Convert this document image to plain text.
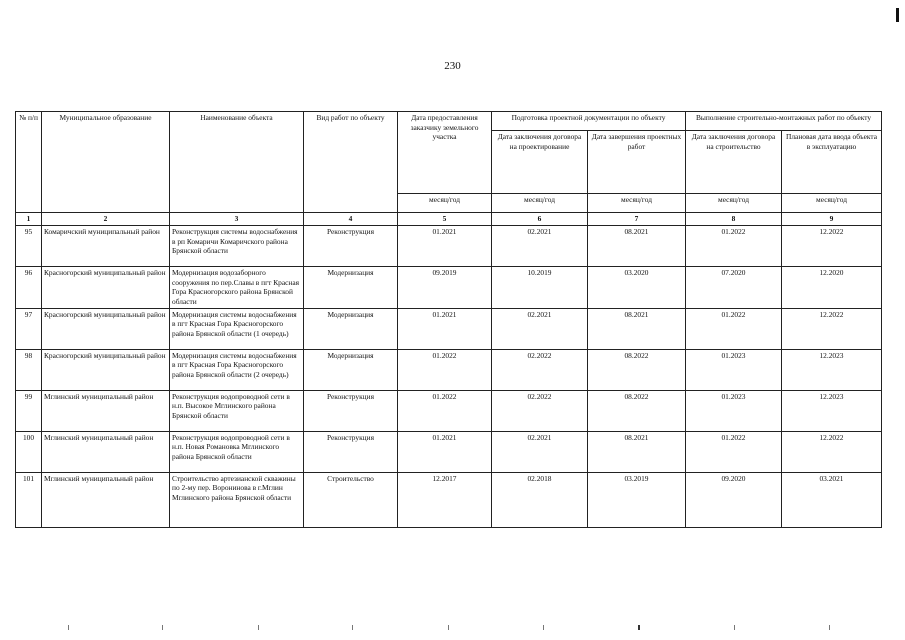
230
№ п/п	Муниципальное образование	Наименование объекта	Вид работ по объекту	Дата предоставления заказчику земельного участка	Подготовка проектной документации по объекту		Выполнение строительно-монтажных работ по объекту	
					Дата заключения договора на проектирование	Дата завершения проектных работ	Дата заключения договора на строительство	Плановая дата ввода объекта в эксплуатацию
				месяц/год	месяц/год	месяц/год	месяц/год	месяц/год
1	2	3	4	5	6	7	8	9
95	Комаричский муниципальный район	Реконструкция системы водоснабжения в рп Комаричи Комаричского района Брянской области	Реконструкция	01.2021	02.2021	08.2021	01.2022	12.2022
96	Красногорский муниципальный район	Модернизация водозаборного сооружения по пер.Славы в пгт Красная Гора Красногорского района Брянской области	Модернизация	09.2019	10.2019	03.2020	07.2020	12.2020
97	Красногорский муниципальный район	Модернизация системы водоснабжения в пгт Красная Гора Красногорского района Брянской области (1 очередь)	Модернизация	01.2021	02.2021	08.2021	01.2022	12.2022
98	Красногорский муниципальный район	Модернизация системы водоснабжения в пгт Красная Гора Красногорского района Брянской области (2 очередь)	Модернизация	01.2022	02.2022	08.2022	01.2023	12.2023
99	Мглинский муниципальный район	Реконструкция водопроводной сети в н.п. Высокое Мглинского района Брянской области	Реконструкция	01.2022	02.2022	08.2022	01.2023	12.2023
100	Мглинский муниципальный район	Реконструкция водопроводной сети в н.п. Новая Романовка Мглинского района Брянской области	Реконструкция	01.2021	02.2021	08.2021	01.2022	12.2022
101	Мглинский муниципальный район	Строительство артезианской скважины по 2-му пер. Воронинова в г.Мглин Мглинского района Брянской области	Строительство	12.2017	02.2018	03.2019	09.2020	03.2021
